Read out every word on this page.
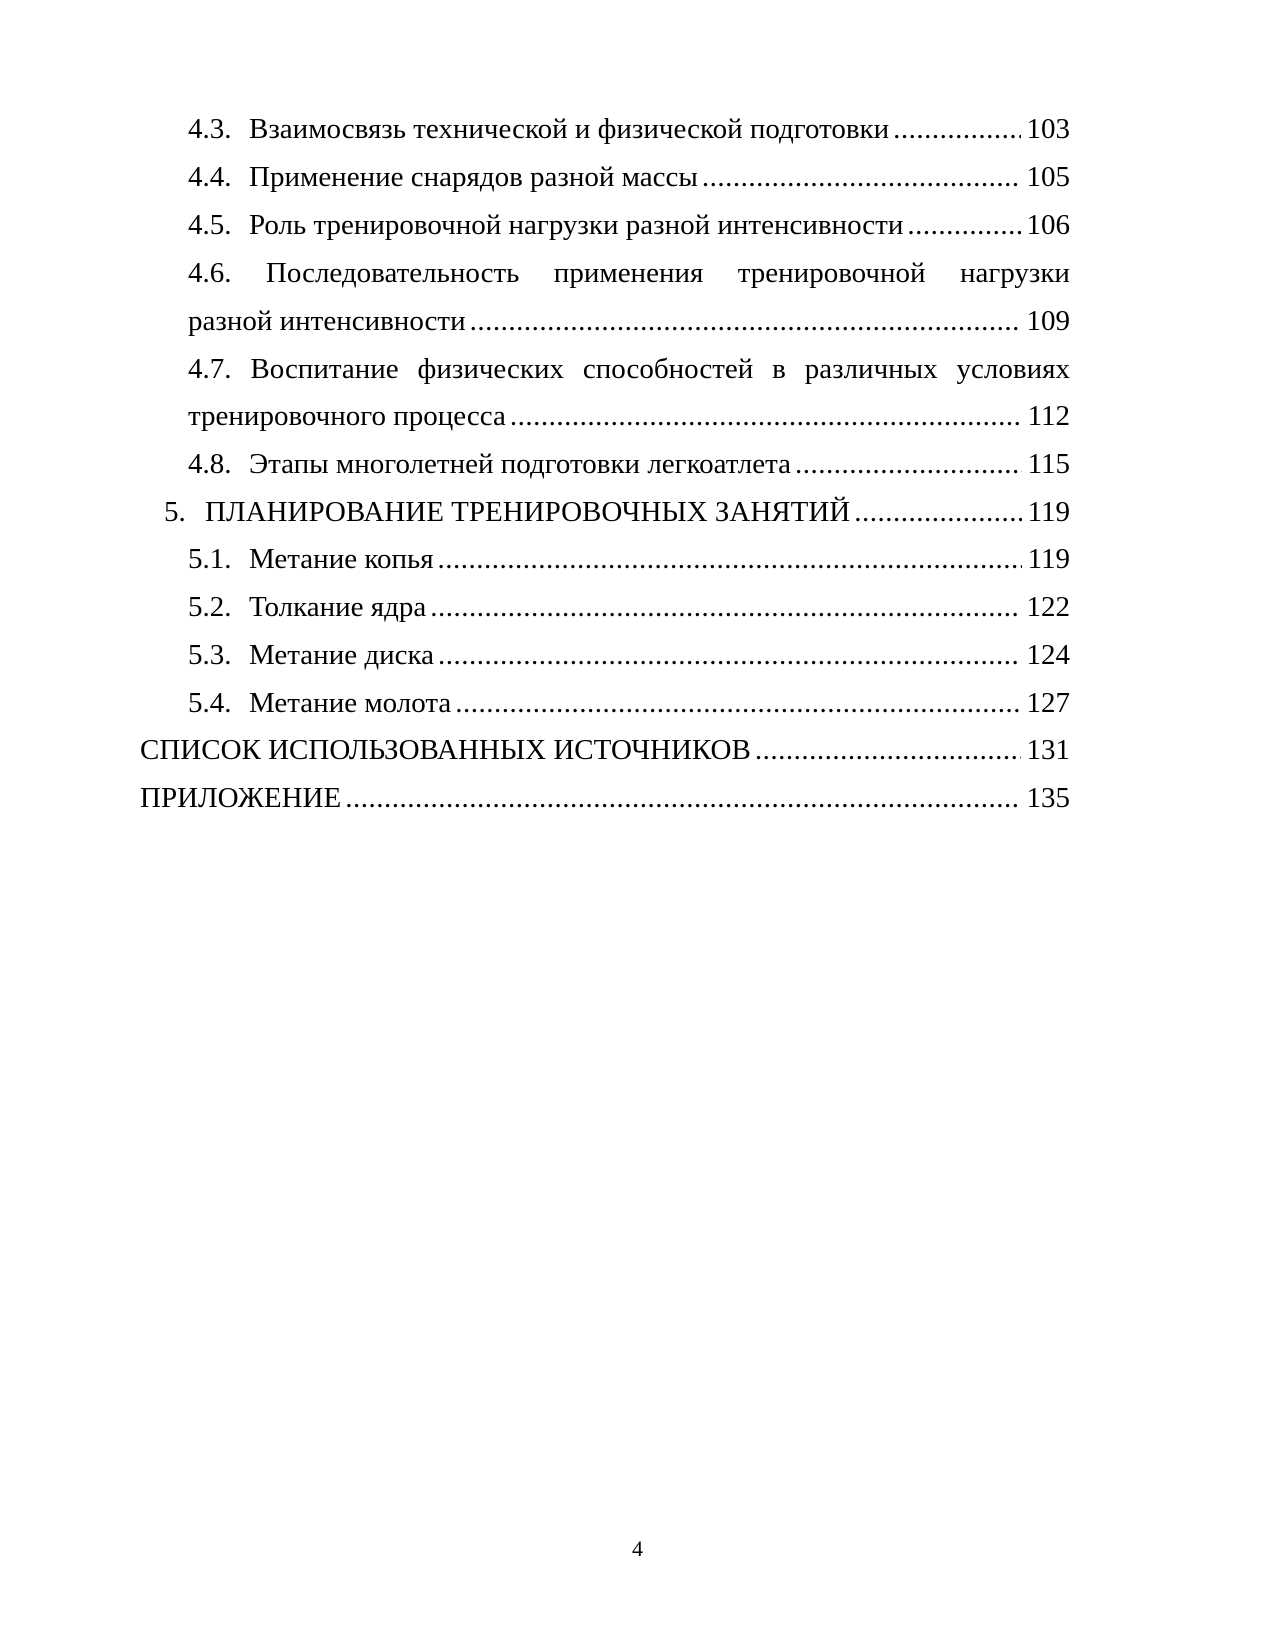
4.3. Взаимосвязь технической и физической подготовки .....	103
4.4. Применение снарядов разной массы .....	105
4.5. Роль тренировочной нагрузки разной интенсивности .....	106
4.6. Последовательность применения тренировочной нагрузки
разной интенсивности .....	109
4.7. Воспитание физических способностей в различных условиях
тренировочного процесса .....	112
4.8. Этапы многолетней подготовки легкоатлета .....	115
5. ПЛАНИРОВАНИЕ ТРЕНИРОВОЧНЫХ ЗАНЯТИЙ .....	119
5.1. Метание копья .....	119
5.2. Толкание ядра .....	122
5.3. Метание диска .....	124
5.4. Метание молота .....	127
СПИСОК ИСПОЛЬЗОВАННЫХ ИСТОЧНИКОВ .....	131
ПРИЛОЖЕНИЕ .....	135
4
